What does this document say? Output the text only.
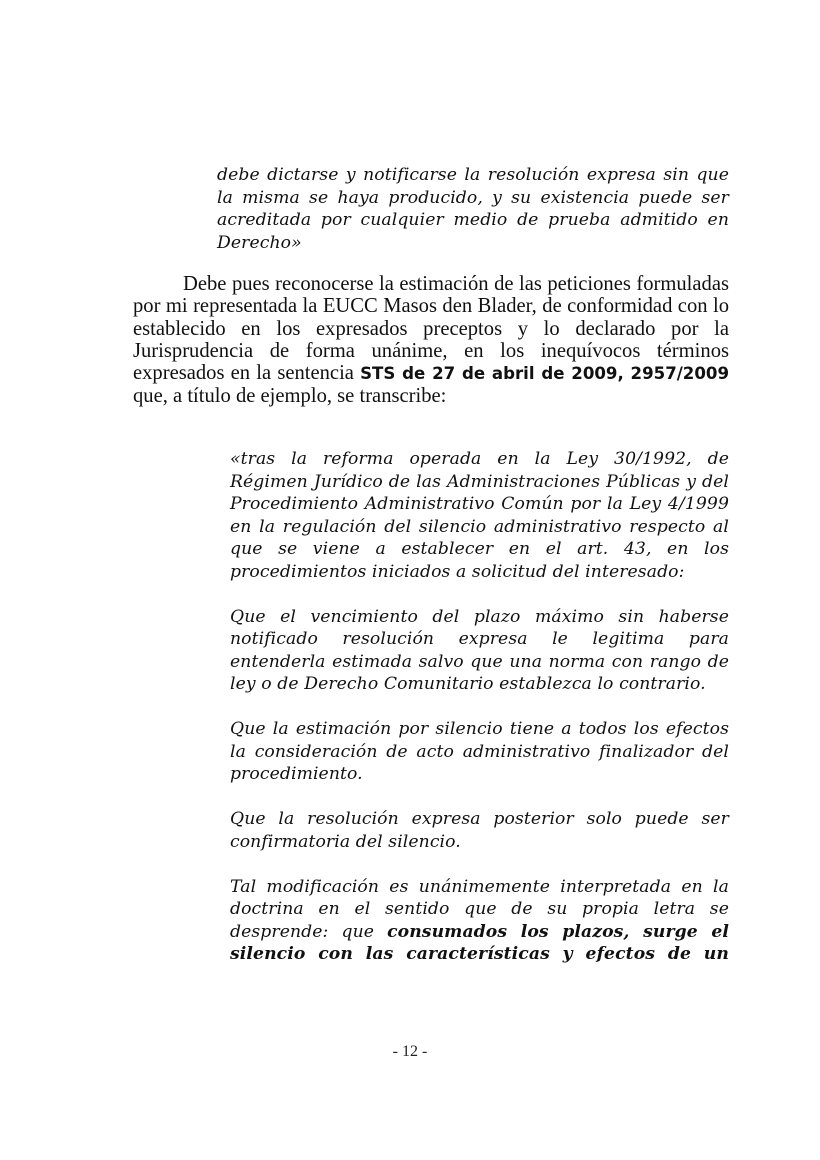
debe dictarse y notificarse la resolución expresa sin que la misma se haya producido, y su existencia puede ser acreditada por cualquier medio de prueba admitido en Derecho»
Debe pues reconocerse la estimación de las peticiones formuladas por mi representada la EUCC Masos den Blader, de conformidad con lo establecido en los expresados preceptos y lo declarado por la Jurisprudencia de forma unánime, en los inequívocos términos expresados en la sentencia STS de 27 de abril de 2009, 2957/2009 que, a título de ejemplo, se transcribe:

«tras la reforma operada en la Ley 30/1992, de Régimen Jurídico de las Administraciones Públicas y del Procedimiento Administrativo Común por la Ley 4/1999 en la regulación del silencio administrativo respecto al que se viene a establecer en el art. 43, en los procedimientos iniciados a solicitud del interesado:

Que el vencimiento del plazo máximo sin haberse notificado resolución expresa le legitima para entenderla estimada salvo que una norma con rango de ley o de Derecho Comunitario establezca lo contrario.

Que la estimación por silencio tiene a todos los efectos la consideración de acto administrativo finalizador del procedimiento.

Que la resolución expresa posterior solo puede ser confirmatoria del silencio.

Tal modificación es unánimemente interpretada en la doctrina en el sentido que de su propia letra se desprende: que consumados los plazos, surge el silencio con las características y efectos de un

- 12 -
